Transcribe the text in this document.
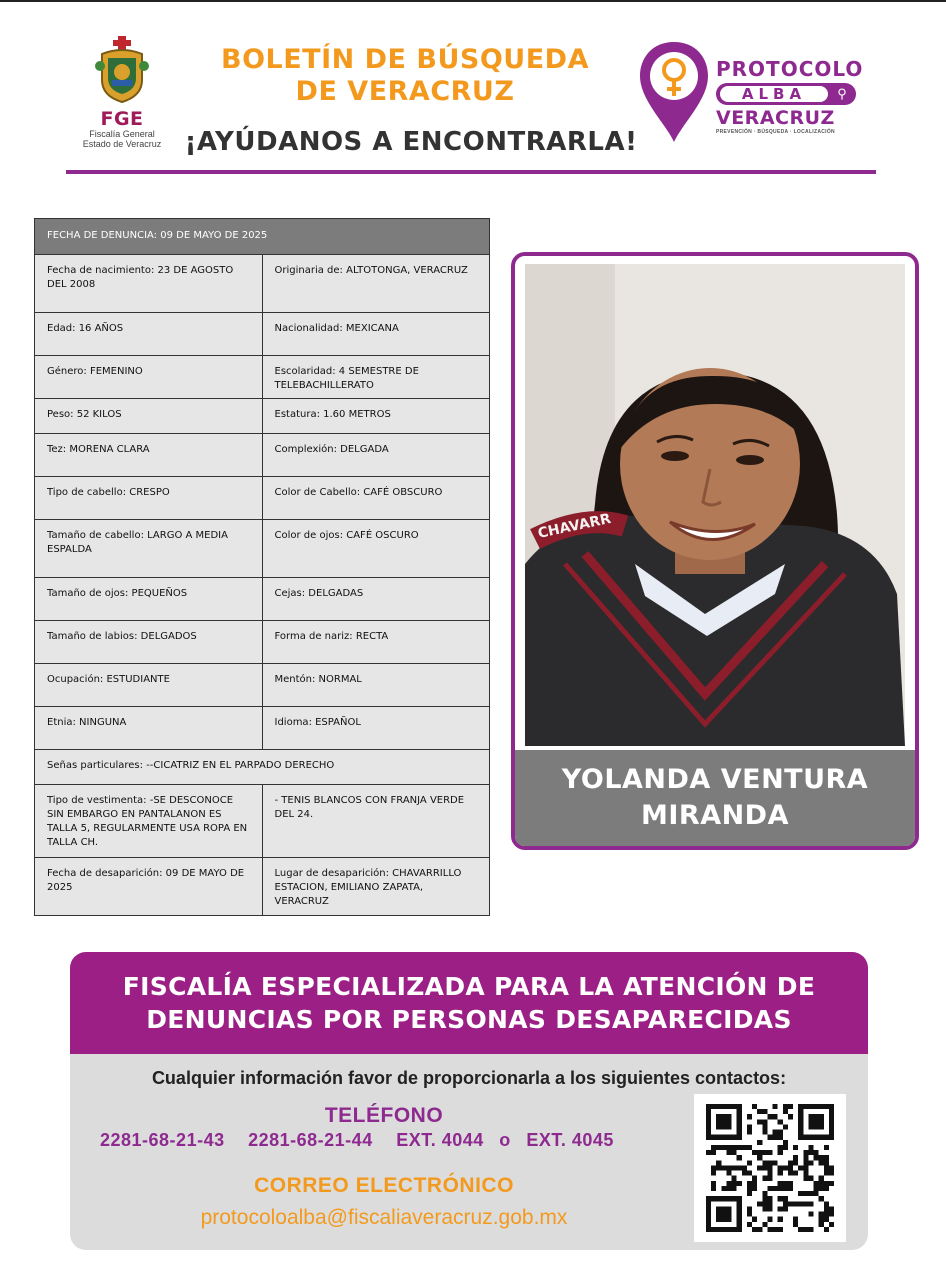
FGE
Fiscalía General
Estado de Veracruz
BOLETÍN DE BÚSQUEDA
DE VERACRUZ
¡AYÚDANOS A ENCONTRARLA!
PROTOCOLO
ALBA	⚲
VERACRUZ
PREVENCIÓN · BÚSQUEDA · LOCALIZACIÓN
FECHA DE DENUNCIA: 09 DE MAYO DE 2025	
Fecha de nacimiento: 23 DE AGOSTO DEL 2008	Originaria de: ALTOTONGA, VERACRUZ
Edad: 16 AÑOS	Nacionalidad: MEXICANA
Género: FEMENINO	Escolaridad: 4 SEMESTRE DE TELEBACHILLERATO
Peso: 52 KILOS	Estatura: 1.60 METROS
Tez: MORENA CLARA	Complexión: DELGADA
Tipo de cabello: CRESPO	Color de Cabello: CAFÉ OBSCURO
Tamaño de cabello: LARGO A MEDIA ESPALDA	Color de ojos: CAFÉ OSCURO
Tamaño de ojos: PEQUEÑOS	Cejas: DELGADAS
Tamaño de labios: DELGADOS	Forma de nariz: RECTA
Ocupación: ESTUDIANTE	Mentón: NORMAL
Etnia: NINGUNA	Idioma: ESPAÑOL
Señas particulares: --CICATRIZ EN EL PARPADO DERECHO	
Tipo de vestimenta: -SE DESCONOCE SIN EMBARGO EN PANTALANON ES TALLA 5, REGULARMENTE USA ROPA EN TALLA CH.	- TENIS BLANCOS CON FRANJA VERDE DEL 24.
Fecha de desaparición: 09 DE MAYO DE 2025	Lugar de desaparición: CHAVARRILLO ESTACION, EMILIANO ZAPATA, VERACRUZ
CHAVARR
YOLANDA VENTURA
MIRANDA
FISCALÍA ESPECIALIZADA PARA LA ATENCIÓN DE
DENUNCIAS POR PERSONAS DESAPARECIDAS
Cualquier información favor de proporcionarla a los siguientes contactos:
TELÉFONO
2281-68-21-43 2281-68-21-44 EXT. 4044 o EXT. 4045
CORREO ELECTRÓNICO
protocoloalba@fiscaliaveracruz.gob.mx
